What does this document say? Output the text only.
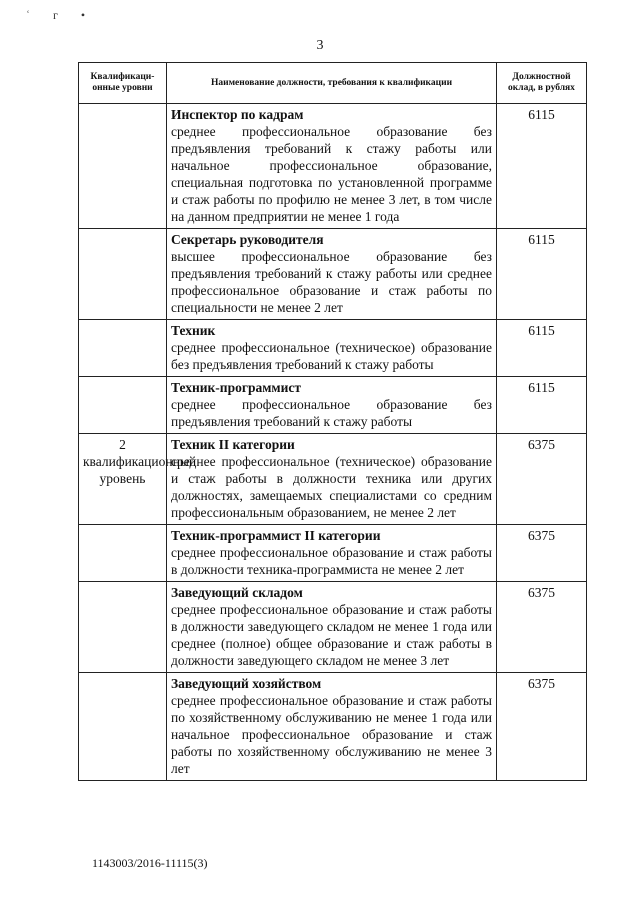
ʿ г •
3
Квалификаци-онные уровни	Наименование должности, требования к квалификации	Должностной оклад, в рублях

	Инспектор по кадрам
среднее профессиональное образование без предъявления требований к стажу работы или начальное профессиональное образование, специальная подготовка по установленной программе и стаж работы по профилю не менее 3 лет, в том числе на данном предприятии не менее 1 года	6115

	Секретарь руководителя
высшее профессиональное образование без предъявления требований к стажу работы или среднее профессиональное образование и стаж работы по специальности не менее 2 лет	6115

	Техник
среднее профессиональное (техническое) образование без предъявления требований к стажу работы	6115

	Техник-программист
среднее профессиональное образование без предъявления требований к стажу работы	6115
2 квалификационный уровень	Техник II категории
среднее профессиональное (техническое) образование и стаж работы в должности техника или других должностях, замещаемых специалистами со средним профессиональным образованием, не менее 2 лет	6375

	Техник-программист II категории
среднее профессиональное образование и стаж работы в должности техника-программиста не менее 2 лет	6375

	Заведующий складом
среднее профессиональное образование и стаж работы в должности заведующего складом не менее 1 года или среднее (полное) общее образование и стаж работы в должности заведующего складом не менее 3 лет	6375

	Заведующий хозяйством
среднее профессиональное образование и стаж работы по хозяйственному обслуживанию не менее 1 года или начальное профессиональное образование и стаж работы по хозяйственному обслуживанию не менее 3 лет	6375
1143003/2016-11115(3)
